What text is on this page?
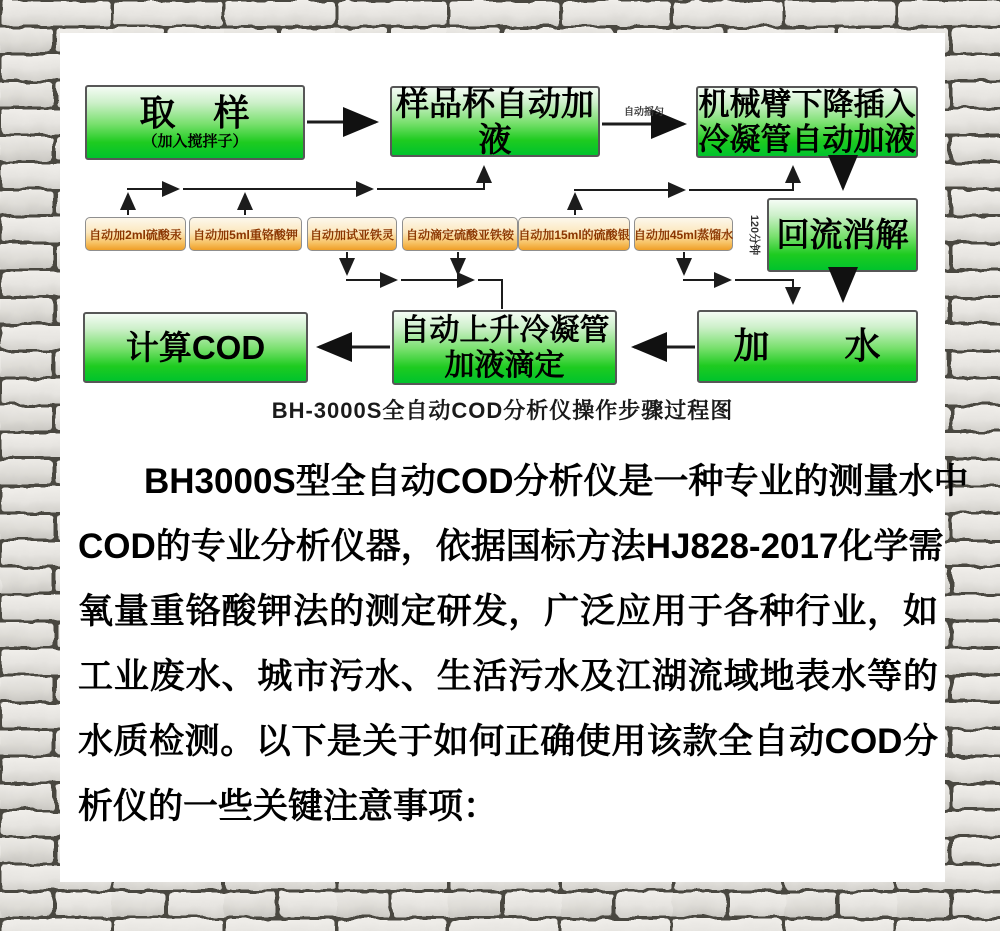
取　样
（加入搅拌子）
样品杯自动加液
机械臂下降插入
冷凝管自动加液
回流消解
加　　水
自动上升冷凝管
加液滴定
计算COD
自动加2ml硫酸汞 自动加5ml重铬酸钾	自动加试亚铁灵 自动滴定硫酸亚铁铵 自动加15ml的硫酸银 自动加45ml蒸馏水
自动摇匀
120分钟
BH-3000S全自动COD分析仪操作步骤过程图
BH3000S型全自动COD分析仪是一种专业的测量水中
COD的专业分析仪器，依据国标方法HJ828-2017化学需
氧量重铬酸钾法的测定研发，广泛应用于各种行业，如
工业废水、城市污水、生活污水及江湖流域地表水等的
水质检测。以下是关于如何正确使用该款全自动COD分
析仪的一些关键注意事项：
